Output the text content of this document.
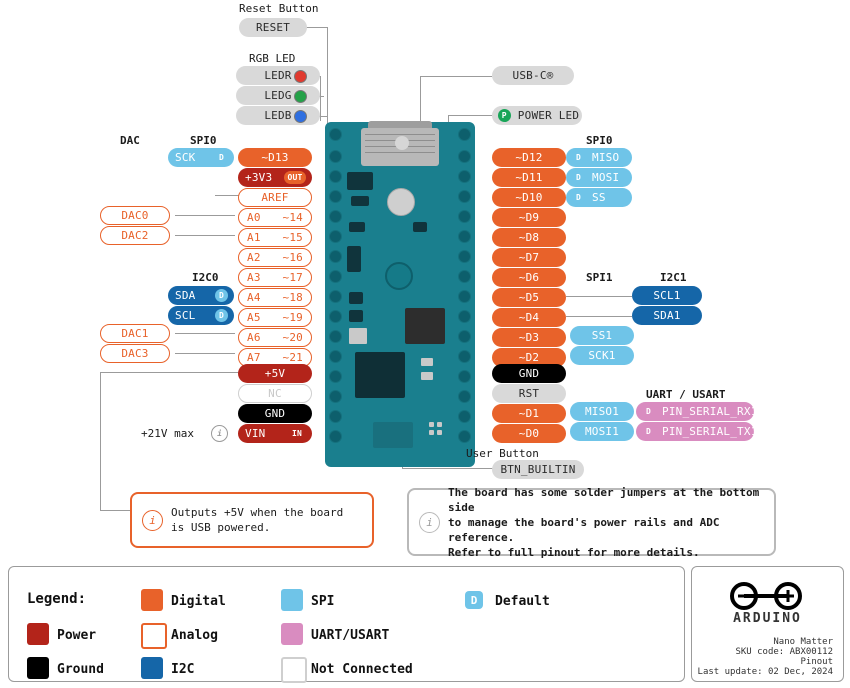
Reset Button
RESET
RGB LED
LEDR
LEDG
LEDB
USB-C®
P POWER LED
DAC	SPI0
I2C0
SPI0
SPI1	I2C1
UART / USART
~D13
SCK	D
+3V3	OUT
AREF
A0 ~14
A1 ~15
A2 ~16
A3 ~17
A4 ~18
A5 ~19
A6 ~20
A7 ~21
+5V
NC
GND
VIN	IN
DAC0
DAC2
DAC1
DAC3
SDA	D
SCL	D
+21V max	i
~D12
~D11
~D10
~D9
~D8
~D7
~D6
~D5
~D4
~D3
~D2
GND
RST
~D1
~D0
D MISO
D MOSI
D SS
SCL1
SDA1
SS1
SCK1
MISO1
MOSI1
D PIN_SERIAL_RX1
D PIN_SERIAL_TX1
User Button
BTN_BUILTIN
i
Outputs +5V when the board is USB powered.	i
The board has some solder jumpers at the bottom side
to manage the board's power rails and ADC reference.
Refer to full pinout for more details.
Legend:	Digital	SPI	D	Default
Power	Analog	UART/USART
Ground	I2C	Not Connected
ARDUINO
Nano Matter
SKU code: ABX00112
Pinout
Last update: 02 Dec, 2024
